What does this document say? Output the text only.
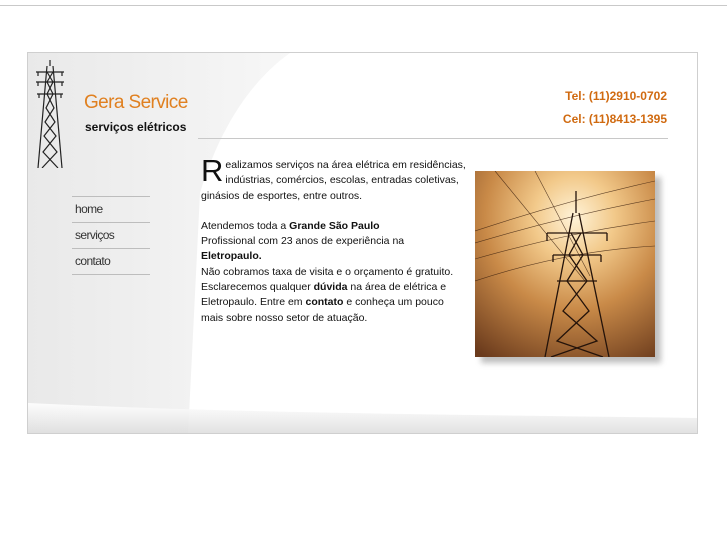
Gera Service
serviços elétricos
Tel: (11)2910-0702
Cel: (11)8413-1395
home
serviços
contato

Realizamos serviços na área elétrica em residências, indústrias, comércios, escolas, entradas coletivas, ginásios de esportes, entre outros.

Atendemos toda a Grande São Paulo

Profissional com 23 anos de experiência na Eletropaulo.

Não cobramos taxa de visita e o orçamento é gratuito.

Esclarecemos qualquer dúvida na área de elétrica e Eletropaulo. Entre em contato e conheça um pouco mais sobre nosso setor de atuação.
